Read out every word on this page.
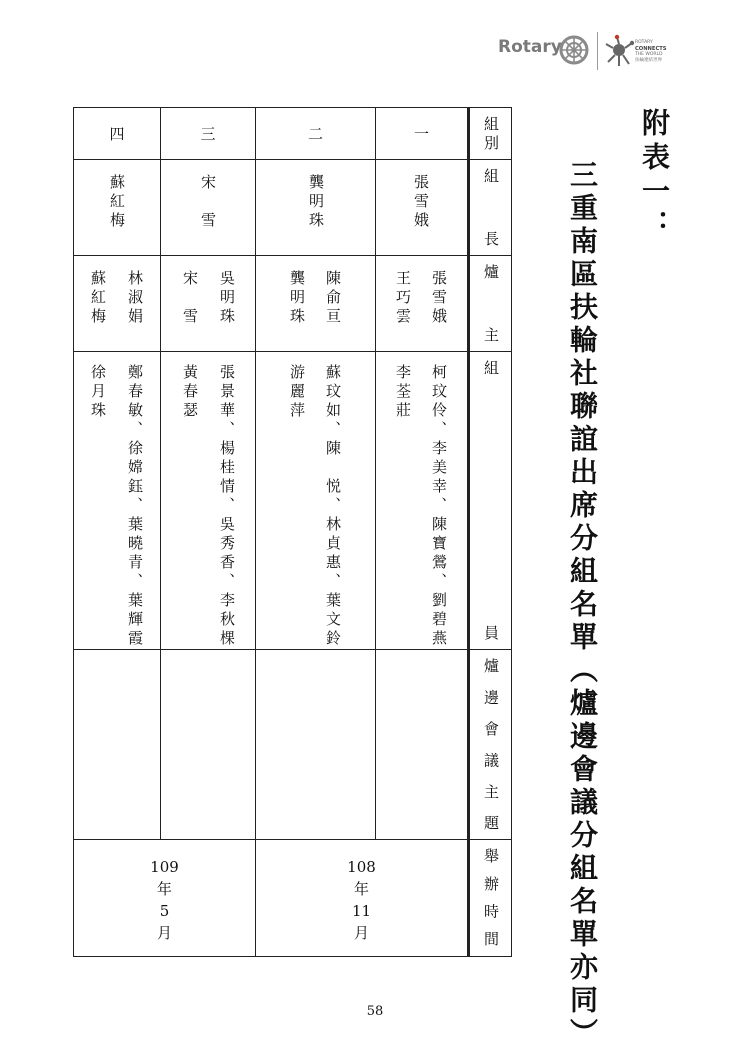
Rotary	ROTARY
CONNECTS
THE WORLD
扶輪連結世界
附表一：
三重南區扶輪社聯誼出席分組名單︵爐邊會議分組名單亦同︶
組別
組長
爐主
組員
爐邊會議主題
舉辦時間
一
張雪娥
張雪娥
王巧雲
柯玟伶、李美幸、陳寶鶯、劉碧燕
李荃莊
二
龔明珠
陳俞亘
龔明珠
蘇玟如、陳　悦、林貞惠、葉文鈴
游麗萍
三
宋　雪
吳明珠
宋　雪
張景華、楊桂情、吳秀香、李秋棵
黃春瑟
四
蘇紅梅
林淑娟
蘇紅梅
鄭春敏、徐嫦鈺、葉曉青、葉輝霞
徐月珠
108
年
11
月
109
年
5
月
58
